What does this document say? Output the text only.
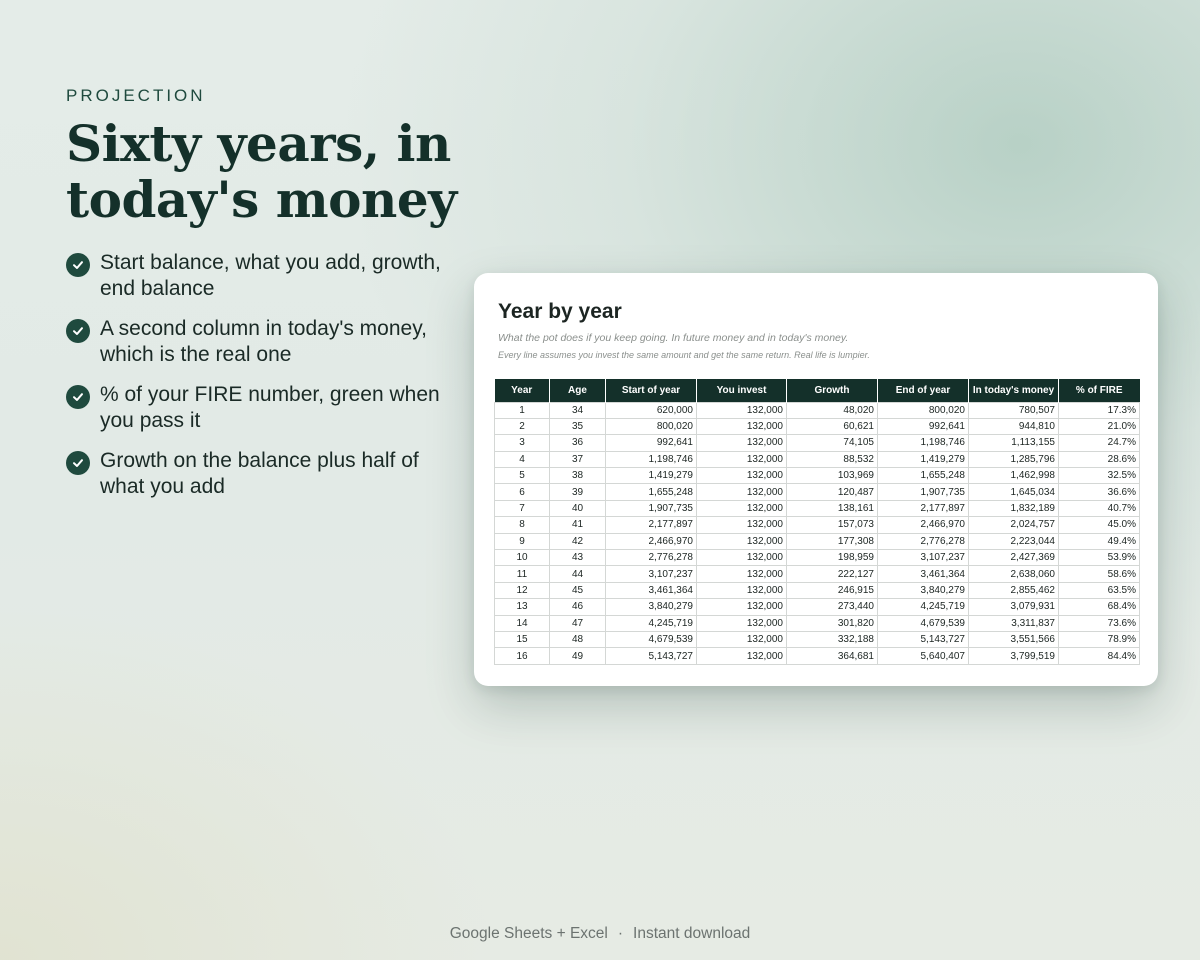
PROJECTION
Sixty years, in today's money
Start balance, what you add, growth, end balance
A second column in today's money, which is the real one
% of your FIRE number, green when you pass it
Growth on the balance plus half of what you add
Year by year
What the pot does if you keep going. In future money and in today's money.
Every line assumes you invest the same amount and get the same return. Real life is lumpier.
Year	Age	Start of year	You invest	Growth	End of year	In today's money	% of FIRE
1	34	620,000	132,000	48,020	800,020	780,507	17.3%
2	35	800,020	132,000	60,621	992,641	944,810	21.0%
3	36	992,641	132,000	74,105	1,198,746	1,113,155	24.7%
4	37	1,198,746	132,000	88,532	1,419,279	1,285,796	28.6%
5	38	1,419,279	132,000	103,969	1,655,248	1,462,998	32.5%
6	39	1,655,248	132,000	120,487	1,907,735	1,645,034	36.6%
7	40	1,907,735	132,000	138,161	2,177,897	1,832,189	40.7%
8	41	2,177,897	132,000	157,073	2,466,970	2,024,757	45.0%
9	42	2,466,970	132,000	177,308	2,776,278	2,223,044	49.4%
10	43	2,776,278	132,000	198,959	3,107,237	2,427,369	53.9%
11	44	3,107,237	132,000	222,127	3,461,364	2,638,060	58.6%
12	45	3,461,364	132,000	246,915	3,840,279	2,855,462	63.5%
13	46	3,840,279	132,000	273,440	4,245,719	3,079,931	68.4%
14	47	4,245,719	132,000	301,820	4,679,539	3,311,837	73.6%
15	48	4,679,539	132,000	332,188	5,143,727	3,551,566	78.9%
16	49	5,143,727	132,000	364,681	5,640,407	3,799,519	84.4%
Google Sheets + Excel · Instant download
